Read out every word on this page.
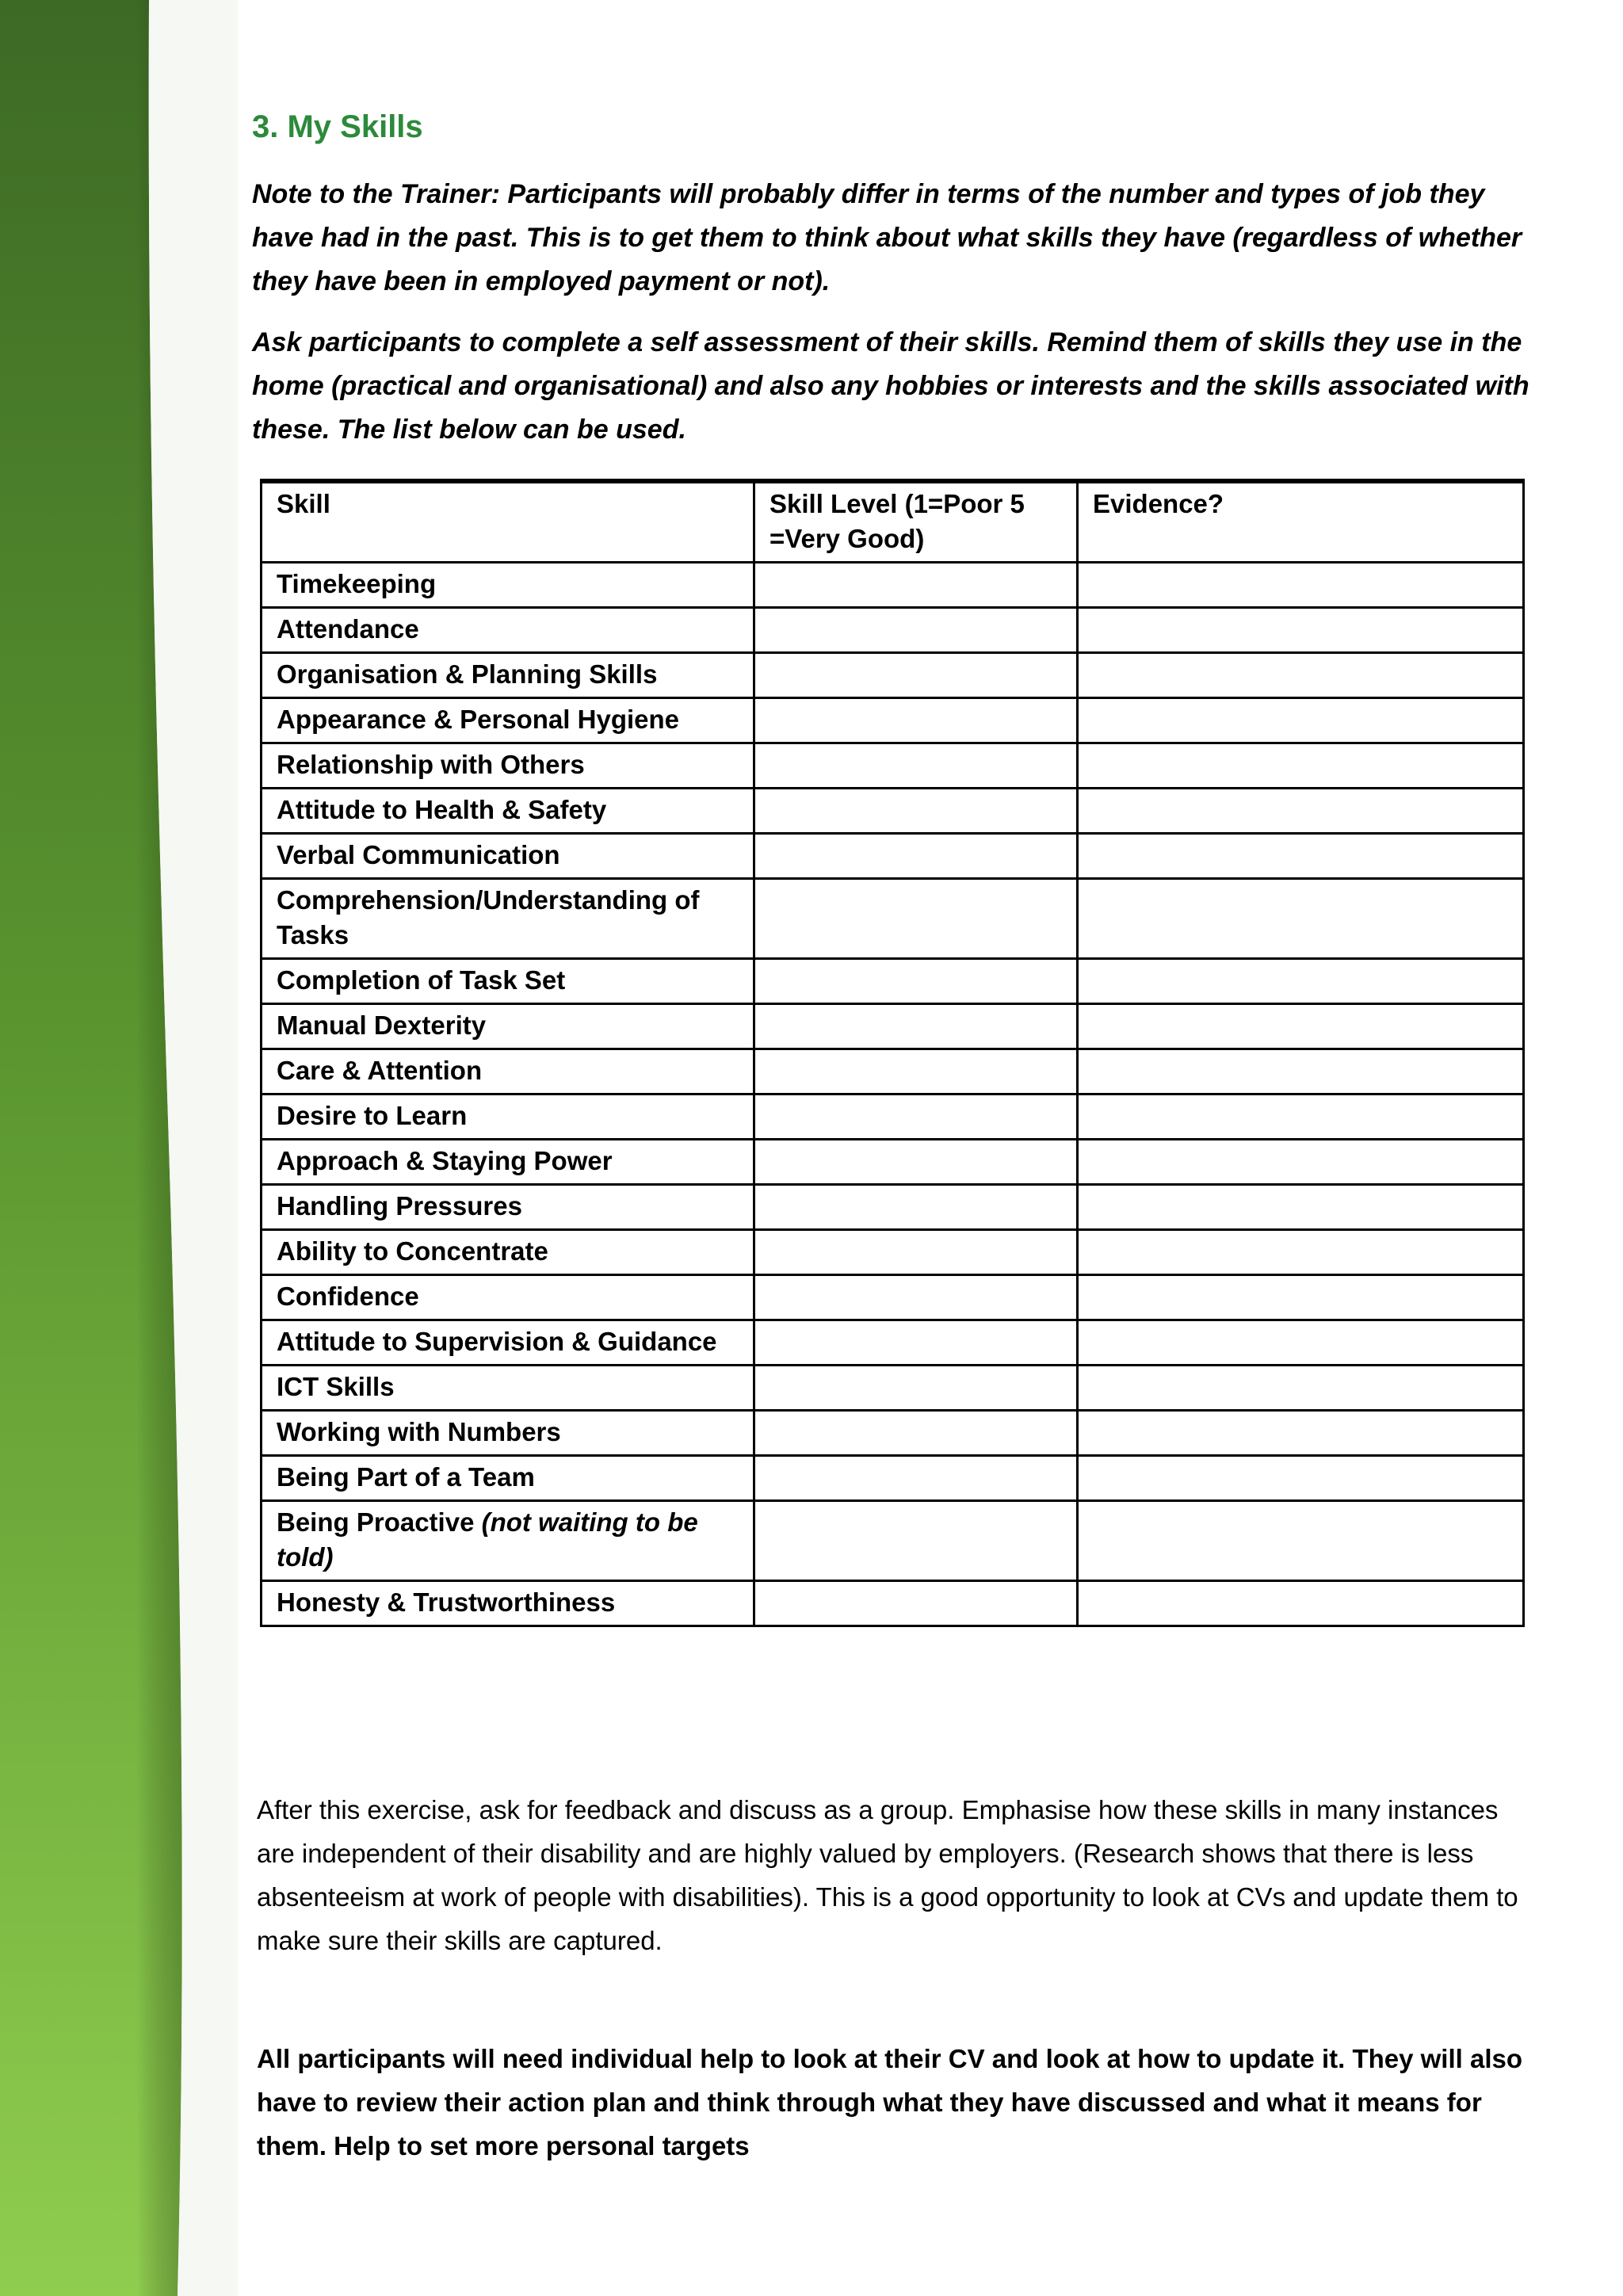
3. My Skills
Note to the Trainer: Participants will probably differ in terms of the number and types of job they have had in the past. This is to get them to think about what skills they have (regardless of whether they have been in employed payment or not).
Ask participants to complete a self assessment of their skills. Remind them of skills they use in the home (practical and organisational) and also any hobbies or interests and the skills associated with these. The list below can be used.
Skill	Skill Level (1=Poor 5 =Very Good)	Evidence?
Timekeeping		
Attendance		
Organisation & Planning Skills		
Appearance & Personal Hygiene		
Relationship with Others		
Attitude to Health & Safety		
Verbal Communication		
Comprehension/Understanding of Tasks		
Completion of Task Set		
Manual Dexterity		
Care & Attention		
Desire to Learn		
Approach & Staying Power		
Handling Pressures		
Ability to Concentrate		
Confidence		
Attitude to Supervision & Guidance		
ICT Skills		
Working with Numbers		
Being Part of a Team		
Being Proactive (not waiting to be told)		
Honesty & Trustworthiness		
After this exercise, ask for feedback and discuss as a group. Emphasise how these skills in many instances are independent of their disability and are highly valued by employers. (Research shows that there is less absenteeism at work of people with disabilities). This is a good opportunity to look at CVs and update them to make sure their skills are captured.
All participants will need individual help to look at their CV and look at how to update it. They will also have to review their action plan and think through what they have discussed and what it means for them. Help to set more personal targets
